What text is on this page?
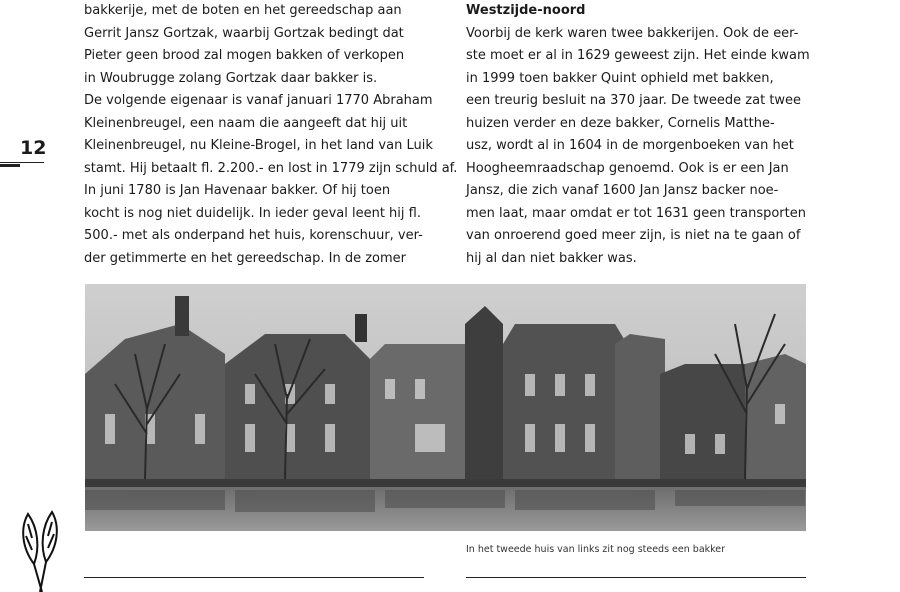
12
bakkerije, met de boten en het gereedschap aan
Gerrit Jansz Gortzak, waarbij Gortzak bedingt dat
Pieter geen brood zal mogen bakken of verkopen
in Woubrugge zolang Gortzak daar bakker is.
De volgende eigenaar is vanaf januari 1770 Abraham
Kleinenbreugel, een naam die aangeeft dat hij uit
Kleinenbreugel, nu Kleine-Brogel, in het land van Luik
stamt. Hij betaalt fl. 2.200.- en lost in 1779 zijn schuld af.
In juni 1780 is Jan Havenaar bakker. Of hij toen
kocht is nog niet duidelijk. In ieder geval leent hij fl.
500.- met als onderpand het huis, korenschuur, ver-
der getimmerte en het gereedschap. In de zomer
Westzijde-noord
Voorbij de kerk waren twee bakkerijen. Ook de eer-
ste moet er al in 1629 geweest zijn. Het einde kwam
in 1999 toen bakker Quint ophield met bakken,
een treurig besluit na 370 jaar. De tweede zat twee
huizen verder en deze bakker, Cornelis Matthe-
usz, wordt al in 1604 in de morgenboeken van het
Hoogheemraadschap genoemd. Ook is er een Jan
Jansz, die zich vanaf 1600 Jan Jansz backer noe-
men laat, maar omdat er tot 1631 geen transporten
van onroerend goed meer zijn, is niet na te gaan of
hij al dan niet bakker was.
In het tweede huis van links zit nog steeds een bakker
